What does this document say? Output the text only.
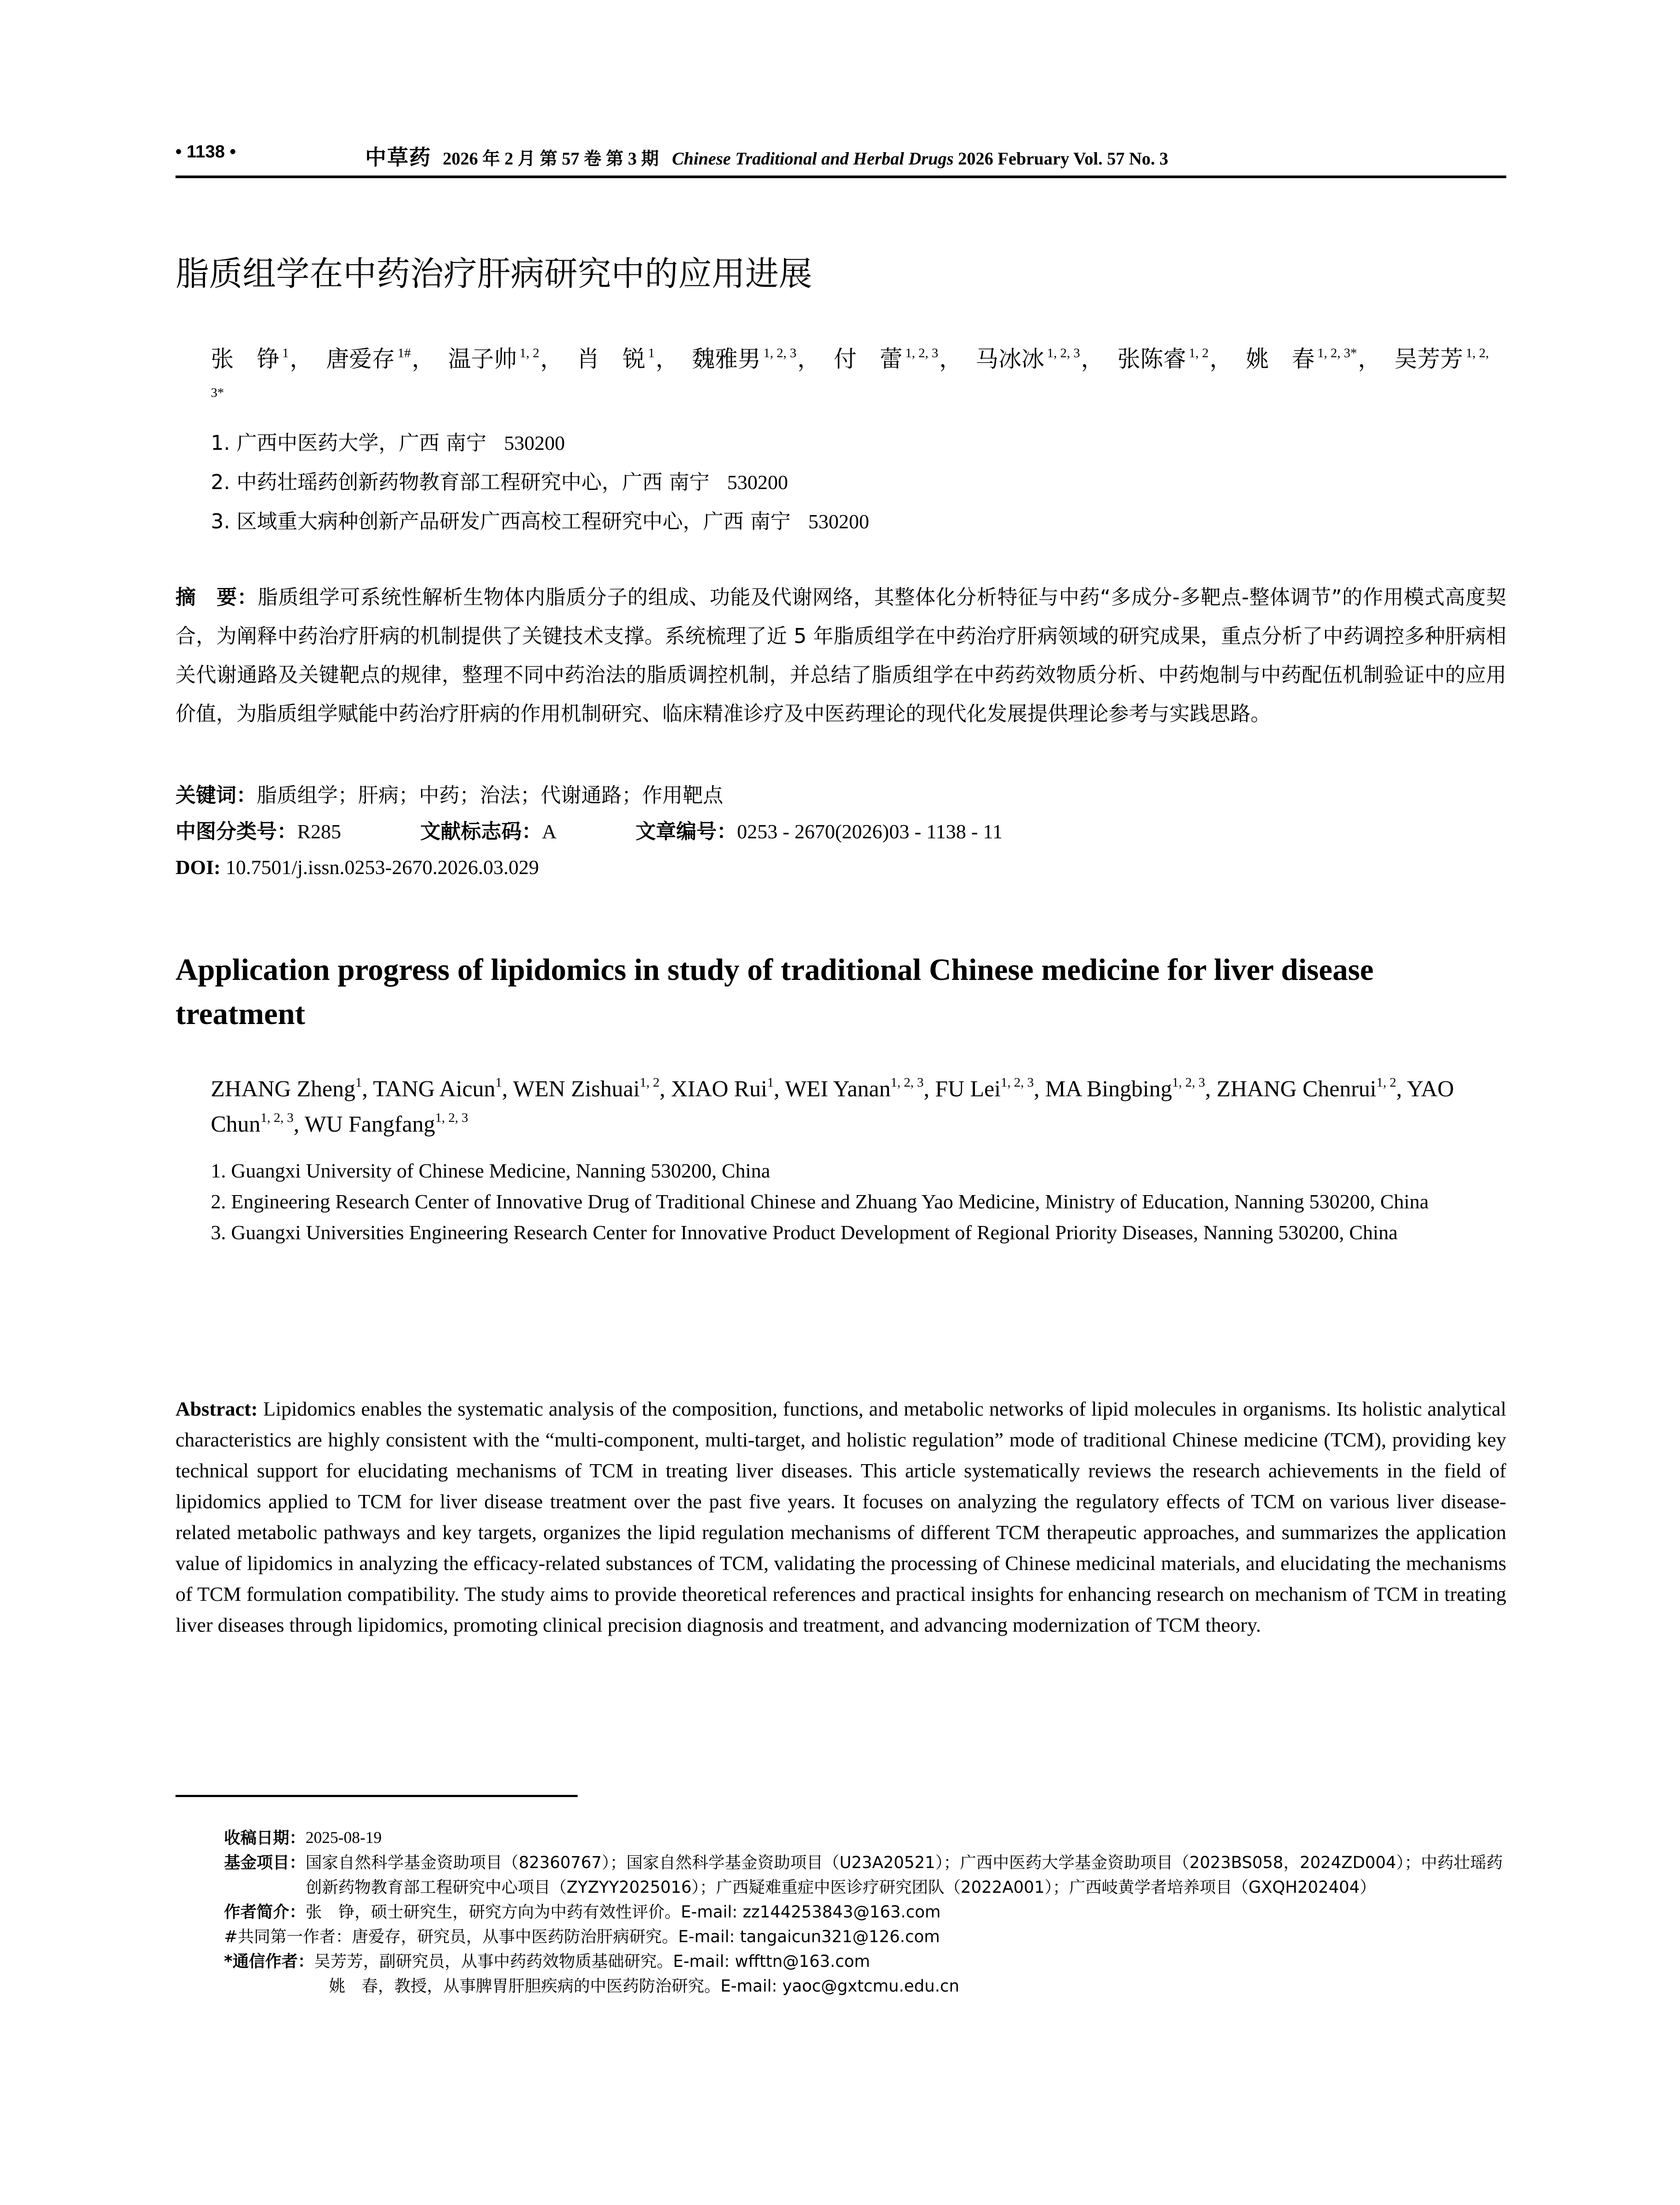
• 1138 •	中草药 2026 年 2 月 第 57 卷 第 3 期 Chinese Traditional and Herbal Drugs 2026 February Vol. 57 No. 3
脂质组学在中药治疗肝病研究中的应用进展
张　铮 $^1$， 唐爱存 $^{1\#}$， 温子帅 $^{1, 2}$， 肖　锐 $^1$， 魏雅男 $^{1, 2, 3}$， 付　蕾 $^{1, 2, 3}$， 马冰冰 $^{1, 2, 3}$， 张陈睿 $^{1, 2}$， 姚　春 $^{1, 2, 3*}$， 吴芳芳 $^{1, 2, 3*}$
1. 广西中医药大学，广西 南宁 530200
2. 中药壮瑶药创新药物教育部工程研究中心，广西 南宁 530200
3. 区域重大病种创新产品研发广西高校工程研究中心，广西 南宁 530200
摘　要：脂质组学可系统性解析生物体内脂质分子的组成、功能及代谢网络，其整体化分析特征与中药“多成分-多靶点-整体调节”的作用模式高度契合，为阐释中药治疗肝病的机制提供了关键技术支撑。系统梳理了近 5 年脂质组学在中药治疗肝病领域的研究成果，重点分析了中药调控多种肝病相关代谢通路及关键靶点的规律，整理不同中药治法的脂质调控机制，并总结了脂质组学在中药药效物质分析、中药炮制与中药配伍机制验证中的应用价值，为脂质组学赋能中药治疗肝病的作用机制研究、临床精准诊疗及中医药理论的现代化发展提供理论参考与实践思路。
关键词：脂质组学；肝病；中药；治法；代谢通路；作用靶点
中图分类号：R285	文献标志码：A	文章编号：0253 - 2670(2026)03 - 1138 - 11
DOI: 10.7501/j.issn.0253-2670.2026.03.029
Application progress of lipidomics in study of traditional Chinese medicine for liver disease treatment
ZHANG Zheng$^1$, TANG Aicun$^1$, WEN Zishuai$^{1, 2}$, XIAO Rui$^1$, WEI Yanan$^{1, 2, 3}$, FU Lei$^{1, 2, 3}$, MA Bingbing$^{1, 2, 3}$, ZHANG Chenrui$^{1, 2}$, YAO Chun$^{1, 2, 3}$, WU Fangfang$^{1, 2, 3}$
1. Guangxi University of Chinese Medicine, Nanning 530200, China
2. Engineering Research Center of Innovative Drug of Traditional Chinese and Zhuang Yao Medicine, Ministry of Education, Nanning 530200, China
3. Guangxi Universities Engineering Research Center for Innovative Product Development of Regional Priority Diseases, Nanning 530200, China
Abstract: Lipidomics enables the systematic analysis of the composition, functions, and metabolic networks of lipid molecules in organisms. Its holistic analytical characteristics are highly consistent with the “multi-component, multi-target, and holistic regulation” mode of traditional Chinese medicine (TCM), providing key technical support for elucidating mechanisms of TCM in treating liver diseases. This article systematically reviews the research achievements in the field of lipidomics applied to TCM for liver disease treatment over the past five years. It focuses on analyzing the regulatory effects of TCM on various liver disease-related metabolic pathways and key targets, organizes the lipid regulation mechanisms of different TCM therapeutic approaches, and summarizes the application value of lipidomics in analyzing the efficacy-related substances of TCM, validating the processing of Chinese medicinal materials, and elucidating the mechanisms of TCM formulation compatibility. The study aims to provide theoretical references and practical insights for enhancing research on mechanism of TCM in treating liver diseases through lipidomics, promoting clinical precision diagnosis and treatment, and advancing modernization of TCM theory.
收稿日期： 2025-08-19
基金项目： 国家自然科学基金资助项目（82360767）；国家自然科学基金资助项目（U23A20521）；广西中医药大学基金资助项目（2023BS058，2024ZD004）；中药壮瑶药创新药物教育部工程研究中心项目（ZYZYY2025016）；广西疑难重症中医诊疗研究团队（2022A001）；广西岐黄学者培养项目（GXQH202404）
作者简介： 张　铮，硕士研究生，研究方向为中药有效性评价。E-mail: zz144253843@163.com
#共同第一作者： 唐爱存，研究员，从事中医药防治肝病研究。E-mail: tangaicun321@126.com
*通信作者： 吴芳芳，副研究员，从事中药药效物质基础研究。E-mail: wffttn@163.com
姚　春，教授，从事脾胃肝胆疾病的中医药防治研究。E-mail: yaoc@gxtcmu.edu.cn
